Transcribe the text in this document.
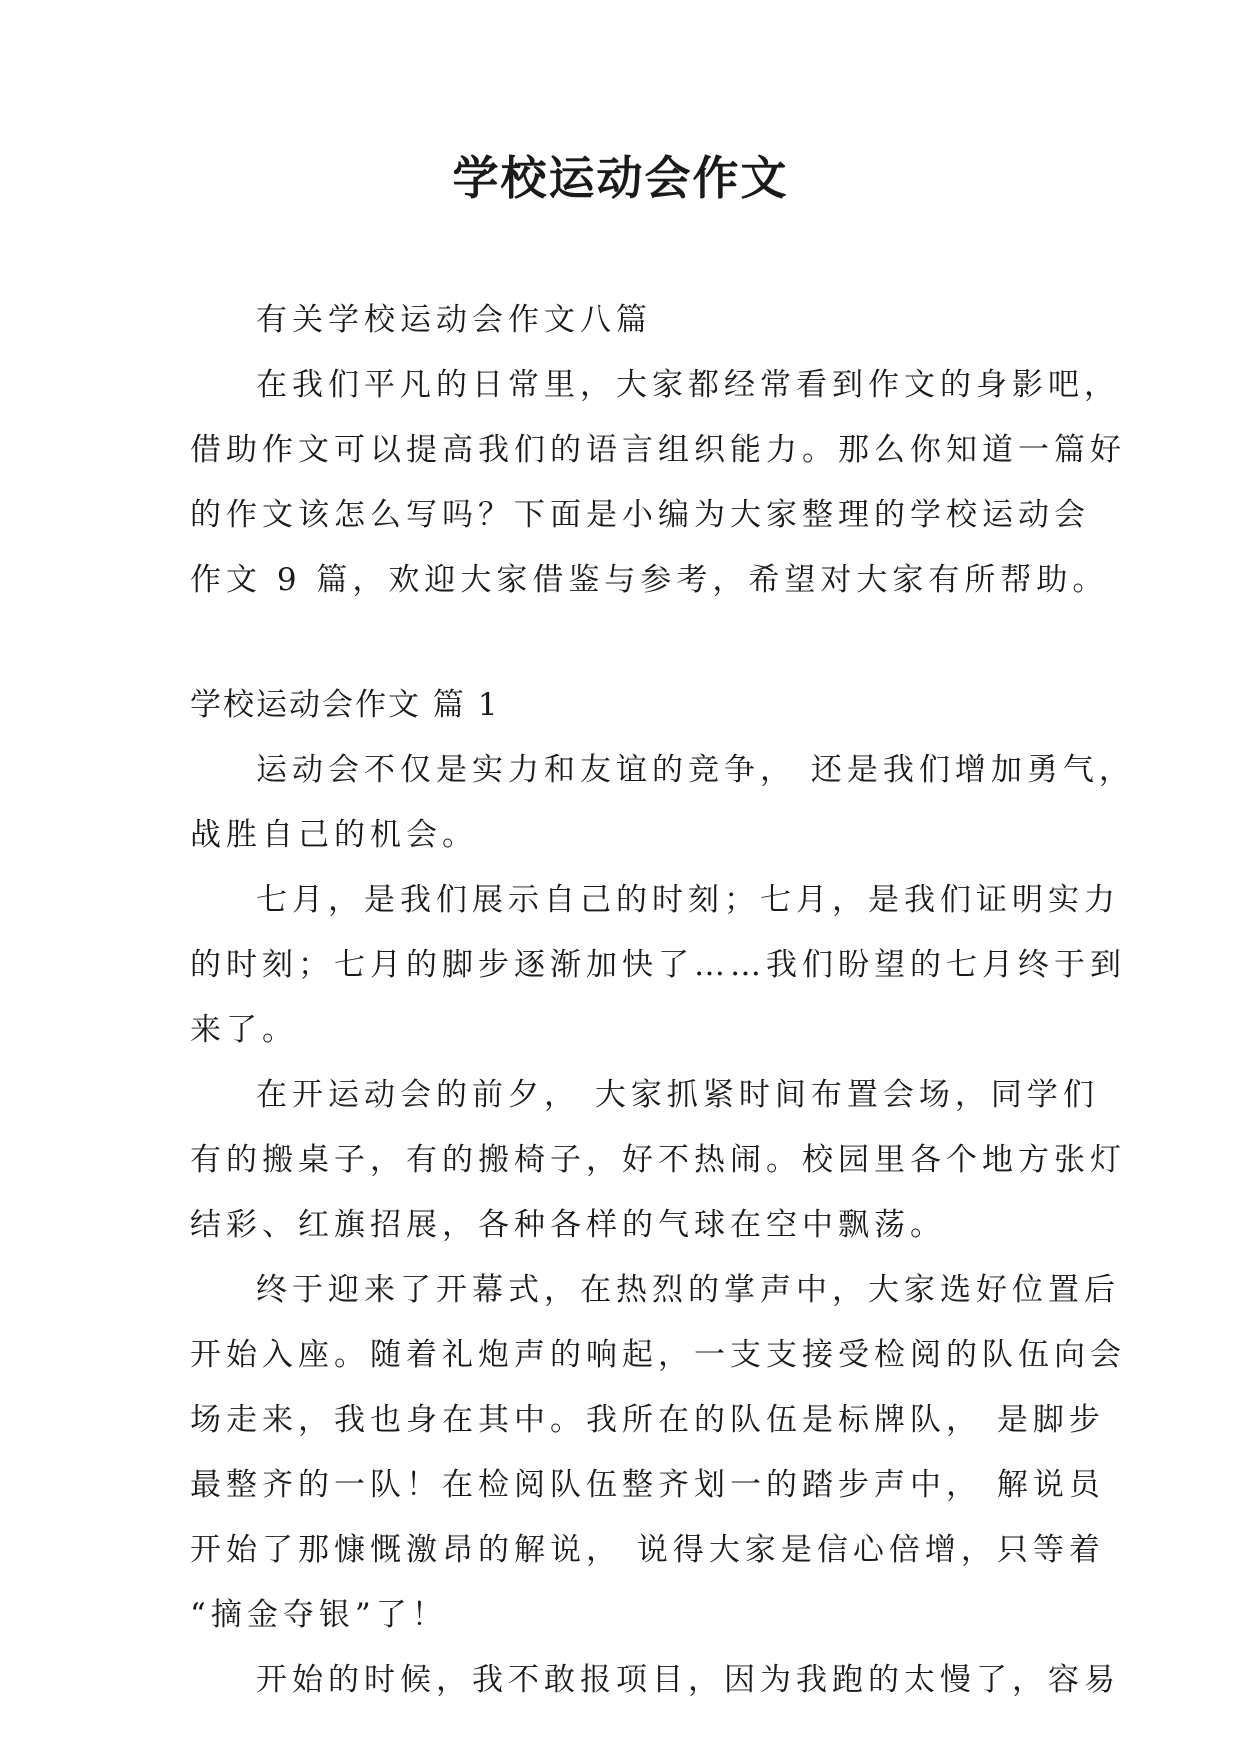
学校运动会作文
有关学校运动会作文八篇
在我们平凡的日常里，大家都经常看到作文的身影吧，
借助作文可以提高我们的语言组织能力。那么你知道一篇好
的作文该怎么写吗？下面是小编为大家整理的学校运动会
作文 9 篇，欢迎大家借鉴与参考，希望对大家有所帮助。
学校运动会作文 篇 1
运动会不仅是实力和友谊的竞争， 还是我们增加勇气，
战胜自己的机会。
七月，是我们展示自己的时刻；七月，是我们证明实力
的时刻；七月的脚步逐渐加快了……我们盼望的七月终于到
来了。
在开运动会的前夕， 大家抓紧时间布置会场，同学们
有的搬桌子，有的搬椅子，好不热闹。校园里各个地方张灯
结彩、红旗招展，各种各样的气球在空中飘荡。
终于迎来了开幕式，在热烈的掌声中，大家选好位置后
开始入座。随着礼炮声的响起，一支支接受检阅的队伍向会
场走来，我也身在其中。我所在的队伍是标牌队， 是脚步
最整齐的一队！在检阅队伍整齐划一的踏步声中， 解说员
开始了那慷慨激昂的解说， 说得大家是信心倍增，只等着
“摘金夺银”了！
开始的时候，我不敢报项目，因为我跑的太慢了，容易
